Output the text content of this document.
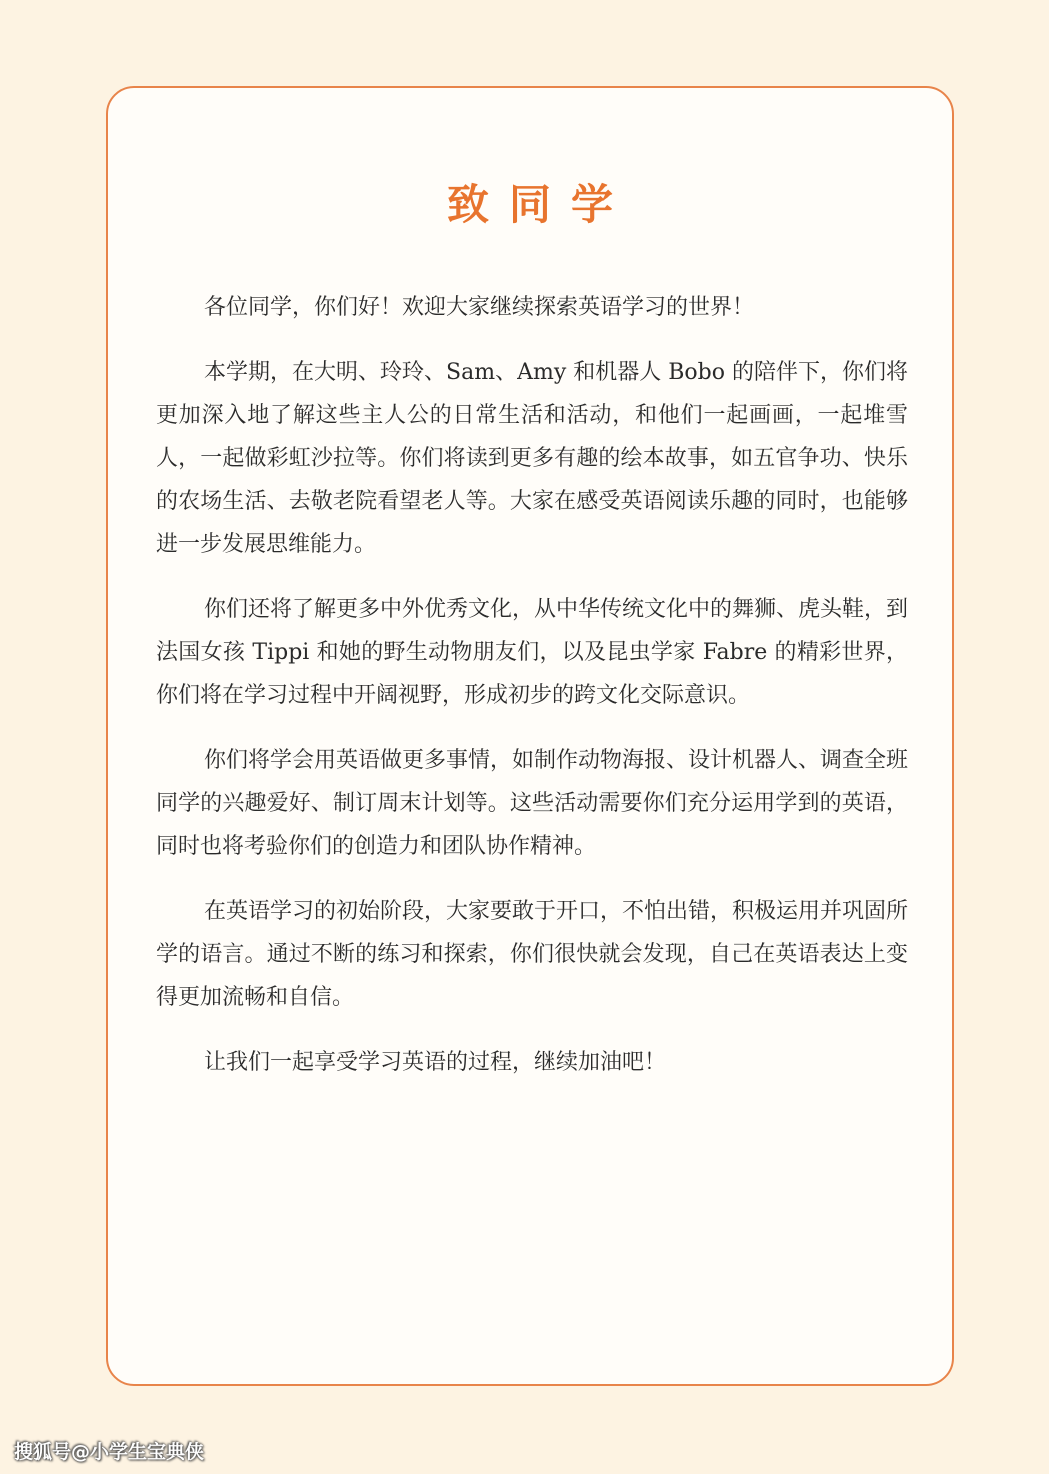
致同学

各位同学，你们好！欢迎大家继续探索英语学习的世界！

本学期，在大明、玲玲、Sam、Amy 和机器人 Bobo 的陪伴下，你们将更加深入地了解这些主人公的日常生活和活动，和他们一起画画，一起堆雪人，一起做彩虹沙拉等。你们将读到更多有趣的绘本故事，如五官争功、快乐的农场生活、去敬老院看望老人等。大家在感受英语阅读乐趣的同时，也能够进一步发展思维能力。

你们还将了解更多中外优秀文化，从中华传统文化中的舞狮、虎头鞋，到法国女孩 Tippi 和她的野生动物朋友们，以及昆虫学家 Fabre 的精彩世界，你们将在学习过程中开阔视野，形成初步的跨文化交际意识。

你们将学会用英语做更多事情，如制作动物海报、设计机器人、调查全班同学的兴趣爱好、制订周末计划等。这些活动需要你们充分运用学到的英语，同时也将考验你们的创造力和团队协作精神。

在英语学习的初始阶段，大家要敢于开口，不怕出错，积极运用并巩固所学的语言。通过不断的练习和探索，你们很快就会发现，自己在英语表达上变得更加流畅和自信。

让我们一起享受学习英语的过程，继续加油吧！

搜狐号@小学生宝典侠
